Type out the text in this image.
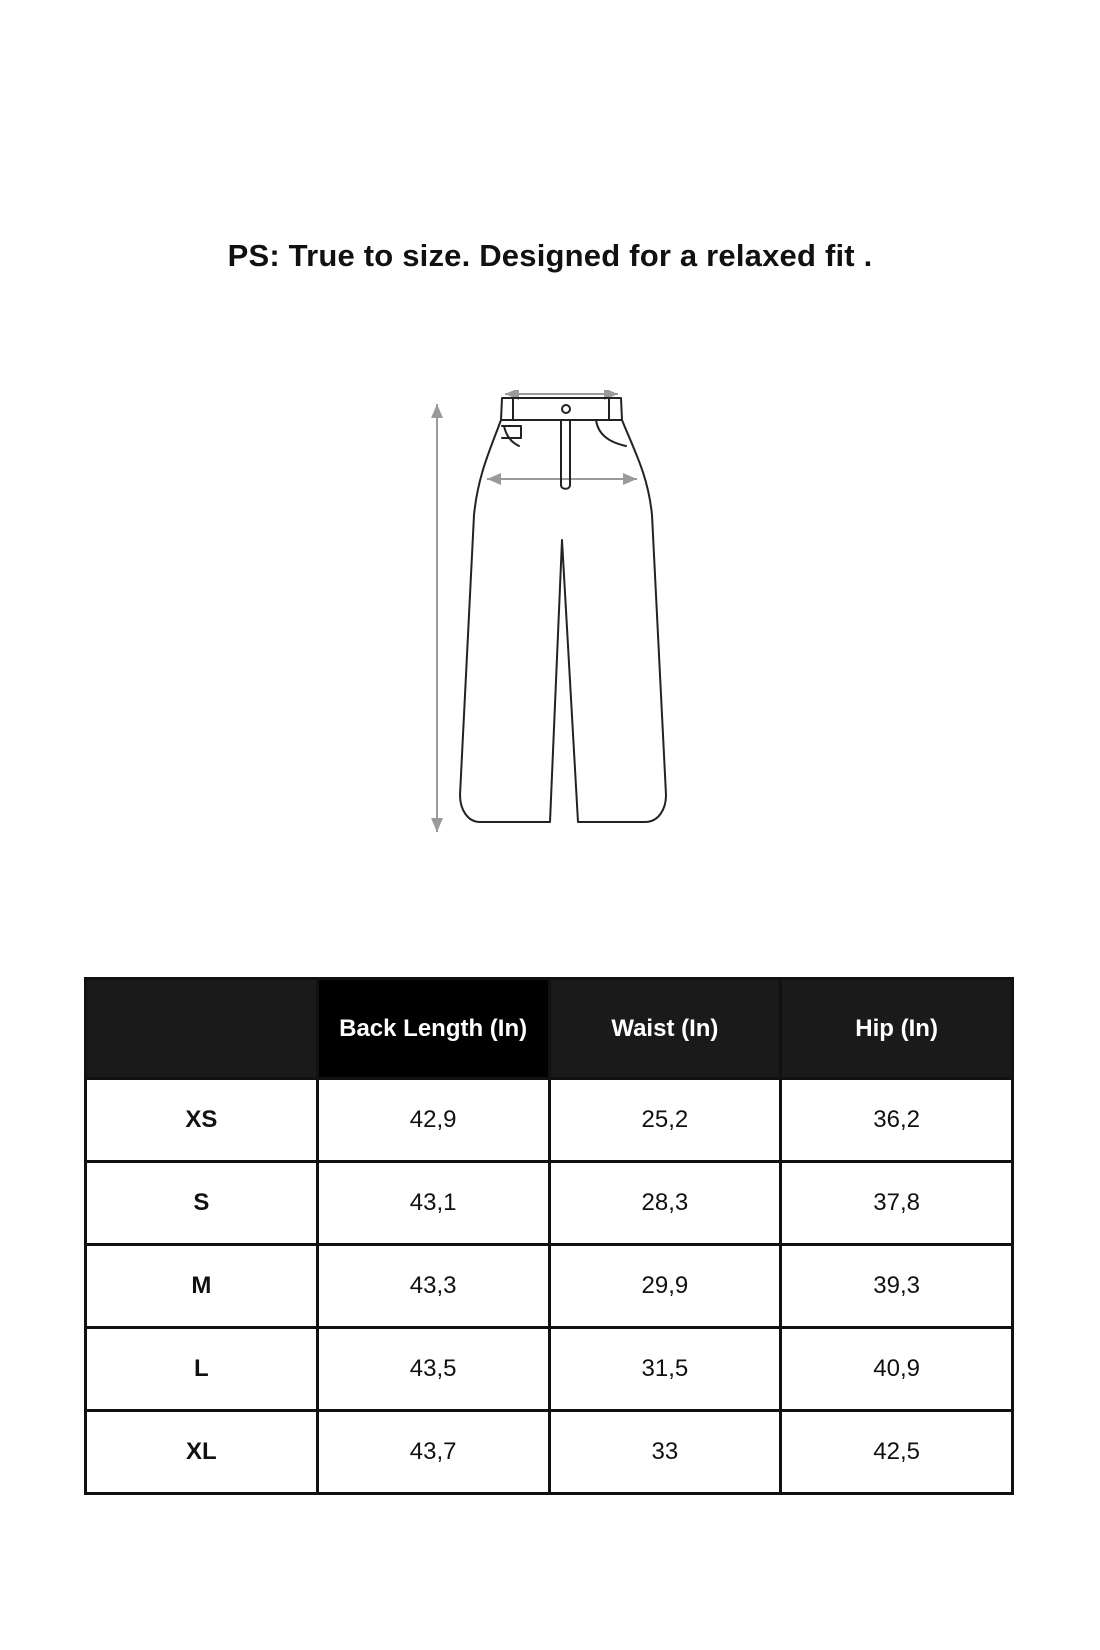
PS: True to size. Designed for a relaxed fit .

	Back Length (In)	Waist (In)	Hip (In)
XS	42,9	25,2	36,2
S	43,1	28,3	37,8
M	43,3	29,9	39,3
L	43,5	31,5	40,9
XL	43,7	33	42,5
